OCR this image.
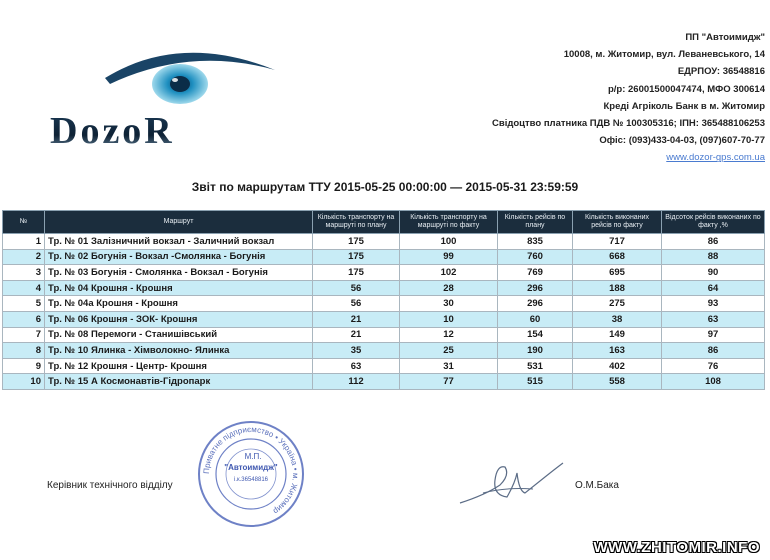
DozoR
ПП "Автоимидж"
10008, м. Житомир, вул. Леваневського, 14
ЕДРПОУ: 36548816
р/р: 26001500047474, МФО 300614
Креді Агріколь Банк в м. Житомир
Свідоцтво платника ПДВ № 100305316; ІПН: 365488106253
Офіс: (093)433-04-03, (097)607-70-77
www.dozor-gps.com.ua
Звіт по маршрутам ТТУ 2015-05-25 00:00:00 — 2015-05-31 23:59:59
№	Маршрут	Кількість транспорту на маршруті по плану	Кількість транспорту на маршруті по факту	Кількість рейсів по плану	Кількість виконаних рейсів по факту	Відсоток рейсів виконаних по факту ,%
1	Тр. № 01 Залізничний вокзал - Заличний вокзал	175	100	835	717	86
2	Тр. № 02 Богунія - Вокзал -Смолянка - Богунія	175	99	760	668	88
3	Тр. № 03 Богунія - Смолянка - Вокзал - Богунія	175	102	769	695	90
4	Тр. № 04 Крошня - Крошня	56	28	296	188	64
5	Тр. № 04а Крошня - Крошня	56	30	296	275	93
6	Тр. № 06 Крошня - ЗОК- Крошня	21	10	60	38	63
7	Тр. № 08 Перемоги - Станишівський	21	12	154	149	97
8	Тр. № 10 Ялинка - Хімволокно- Ялинка	35	25	190	163	86
9	Тр. № 12 Крошня - Центр- Крошня	63	31	531	402	76
10	Тр. № 15 А Космонавтів-Гідропарк	112	77	515	558	108
Керівник технічного відділу	О.М.Бака
Приватне підприємство • Україна • м. Житомир
"Автоимидж"
і.к.36548816
М.П.
WWW.ZHITOMIR.INFO
